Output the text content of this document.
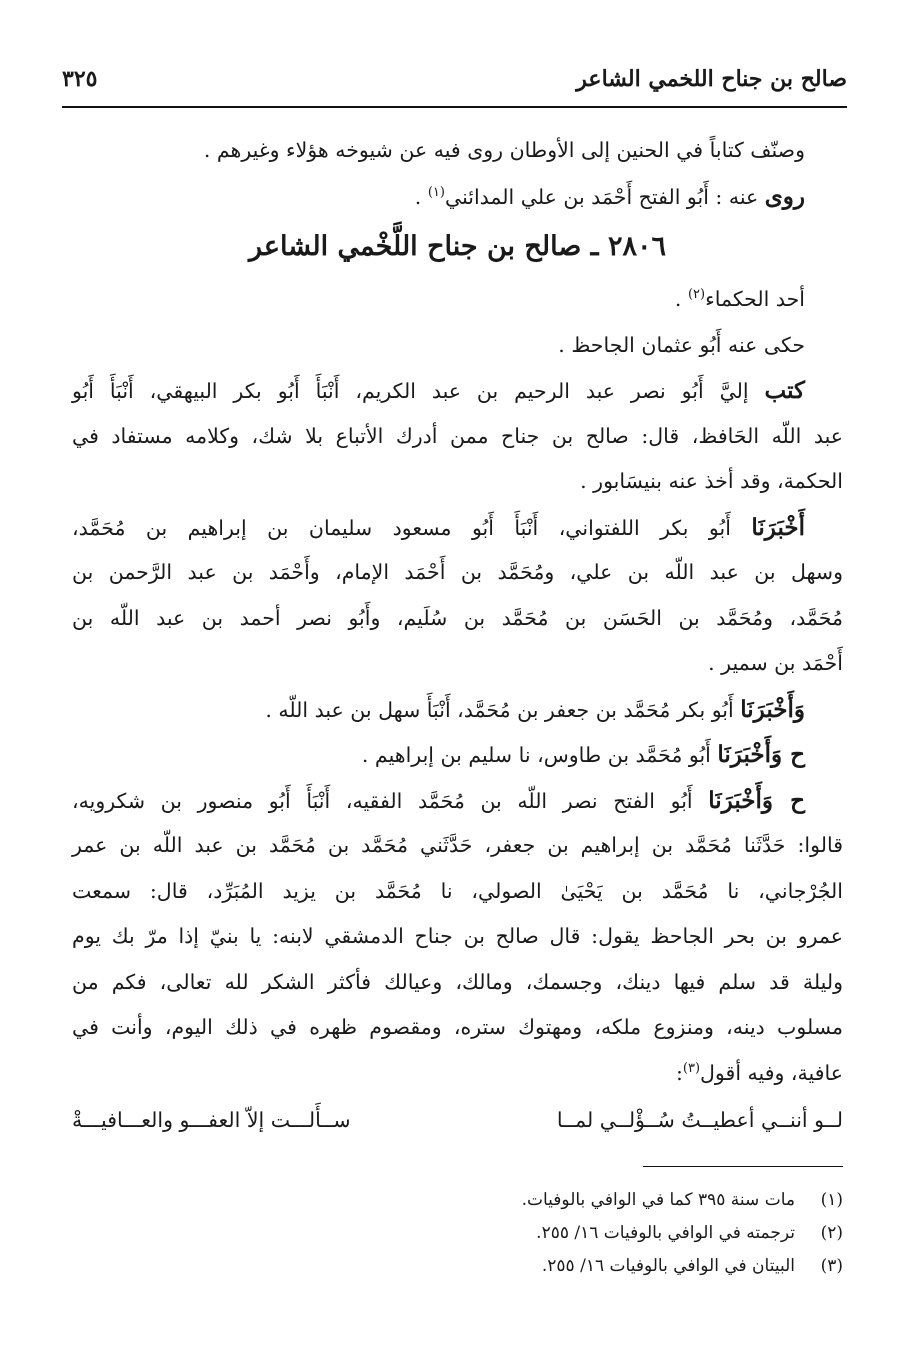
صالح بن جناح اللخمي الشاعر
٣٢٥
وصنّف كتاباً في الحنين إلى الأوطان روى فيه عن شيوخه هؤلاء وغيرهم .
روى عنه : أَبُو الفتح أَحْمَد بن علي المدائني$^{(١)}$ .
٢٨٠٦ ـ صالح بن جناح اللَّخْمي الشاعر
أحد الحكماء$^{(٢)}$ .
حكى عنه أَبُو عثمان الجاحظ .
كتب إليَّ أَبُو نصر عبد الرحيم بن عبد الكريم، أَنْبَأَ أَبُو بكر البيهقي، أَنْبَأَ أَبُو
عبد اللّه الحَافظ، قال: صالح بن جناح ممن أدرك الأتباع بلا شك، وكلامه مستفاد في
الحكمة، وقد أخذ عنه بنيسَابور .
أَخْبَرَنَا أَبُو بكر اللفتواني، أَنْبَأَ أَبُو مسعود سليمان بن إبراهيم بن مُحَمَّد،
وسهل بن عبد اللّه بن علي، ومُحَمَّد بن أَحْمَد الإمام، وأَحْمَد بن عبد الرَّحمن بن
مُحَمَّد، ومُحَمَّد بن الحَسَن بن مُحَمَّد بن سُلَيم، وأَبُو نصر أحمد بن عبد اللّه بن
أَحْمَد بن سمير .
وَأَخْبَرَنَا أَبُو بكر مُحَمَّد بن جعفر بن مُحَمَّد، أَنْبَأَ سهل بن عبد اللّه .
ح وَأَخْبَرَنَا أَبُو مُحَمَّد بن طاوس، نا سليم بن إبراهيم .
ح وَأَخْبَرَنَا أَبُو الفتح نصر اللّه بن مُحَمَّد الفقيه، أَنْبَأَ أَبُو منصور بن شكرويه،
قالوا: حَدَّثَنا مُحَمَّد بن إبراهيم بن جعفر، حَدَّثَني مُحَمَّد بن مُحَمَّد بن عبد اللّه بن عمر
الجُرْجاني، نا مُحَمَّد بن يَحْيَىٰ الصولي، نا مُحَمَّد بن يزيد المُبَرِّد، قال: سمعت
عمرو بن بحر الجاحظ يقول: قال صالح بن جناح الدمشقي لابنه: يا بنيّ إذا مرّ بك يوم
وليلة قد سلم فيها دينك، وجسمك، ومالك، وعيالك فأكثر الشكر لله تعالى، فكم من
مسلوب دينه، ومنزوع ملكه، ومهتوك ستره، ومقصوم ظهره في ذلك اليوم، وأنت في
عافية، وفيه أقول$^{(٣)}$:
لــو أننــي أعطيــتُ سُــؤْلــي لمــا
ســأَلـــت إلاّ العفـــو والعـــافيـــةْ
(١)
مات سنة ٣٩٥ كما في الوافي بالوفيات.
(٢)
ترجمته في الوافي بالوفيات ١٦/ ٢٥٥.
(٣)
البيتان في الوافي بالوفيات ١٦/ ٢٥٥.
